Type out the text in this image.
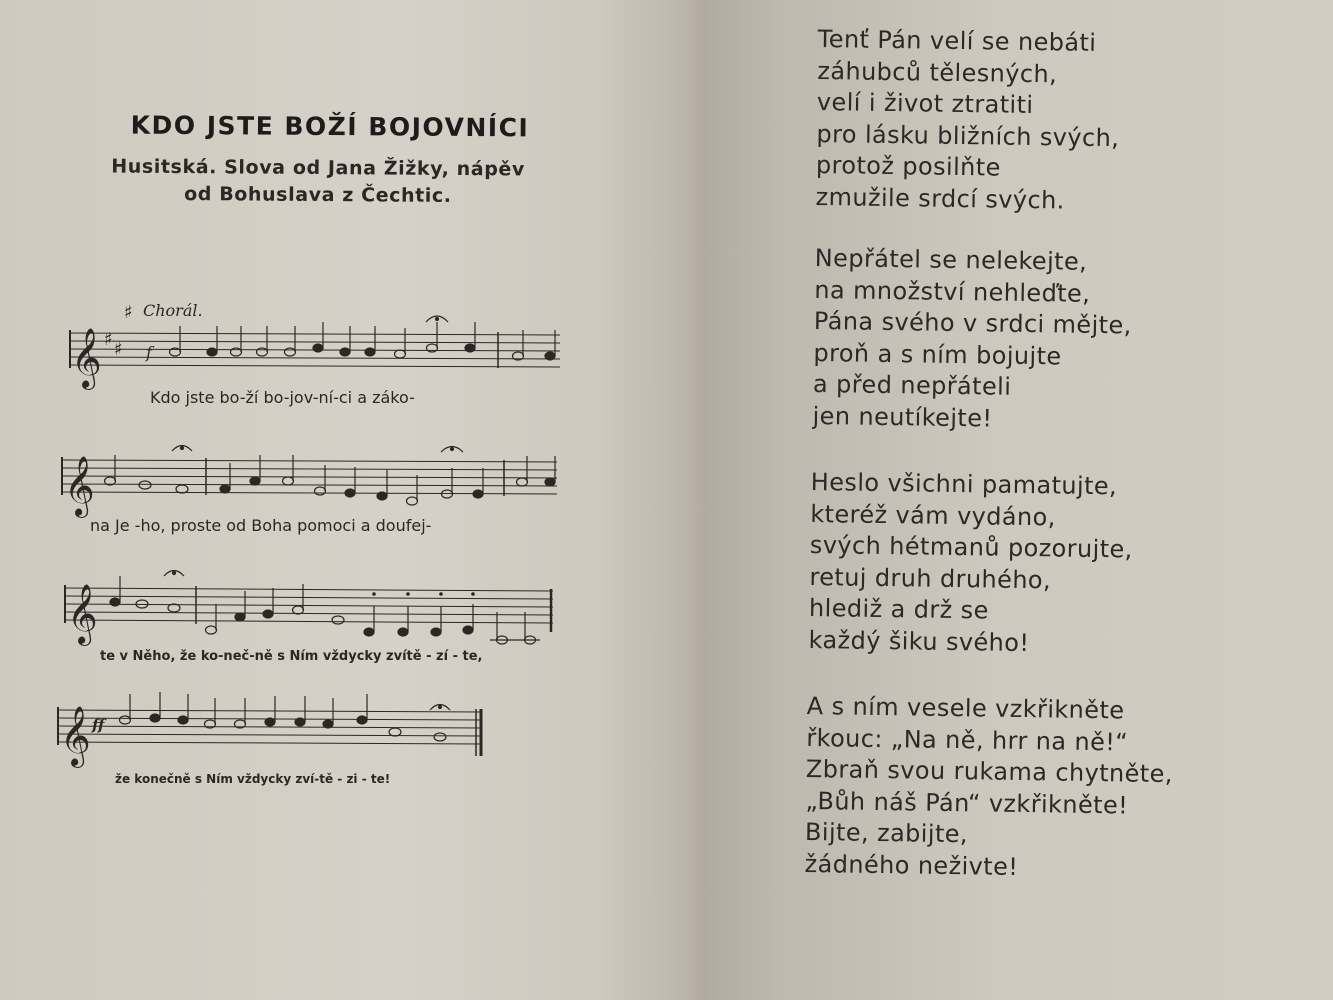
KDO JSTE BOŽÍ BOJOVNÍCI
Husitská. Slova od Jana Žižky, nápěv
od Bohuslava z Čechtic.
Chorál.
𝄞 ♯ ♯
♯
f
𝄞
𝄞
𝄞 ff
Kdo jste bo-ží bo-jov-ní-ci a záko-
na Je -ho, proste od Boha pomoci a doufej-
te v Něho, že ko-neč-ně s Ním vždycky zvítě - zí - te,
že konečně s Ním vždycky zví-tě - zi - te!
Tenť Pán velí se nebáti
záhubců tělesných,
velí i život ztratiti
pro lásku bližních svých,
protož posilňte
zmužile srdcí svých.
Nepřátel se nelekejte,
na množství nehleďte,
Pána svého v srdci mějte,
proň a s ním bojujte
a před nepřáteli
jen neutíkejte!
Heslo všichni pamatujte,
kteréž vám vydáno,
svých hétmanů pozorujte,
retuj druh druhého,
hlediž a drž se
každý šiku svého!
A s ním vesele vzkřikněte
řkouc: „Na ně, hrr na ně!“
Zbraň svou rukama chytněte,
„Bůh náš Pán“ vzkřikněte!
Bijte, zabijte,
žádného neživte!
